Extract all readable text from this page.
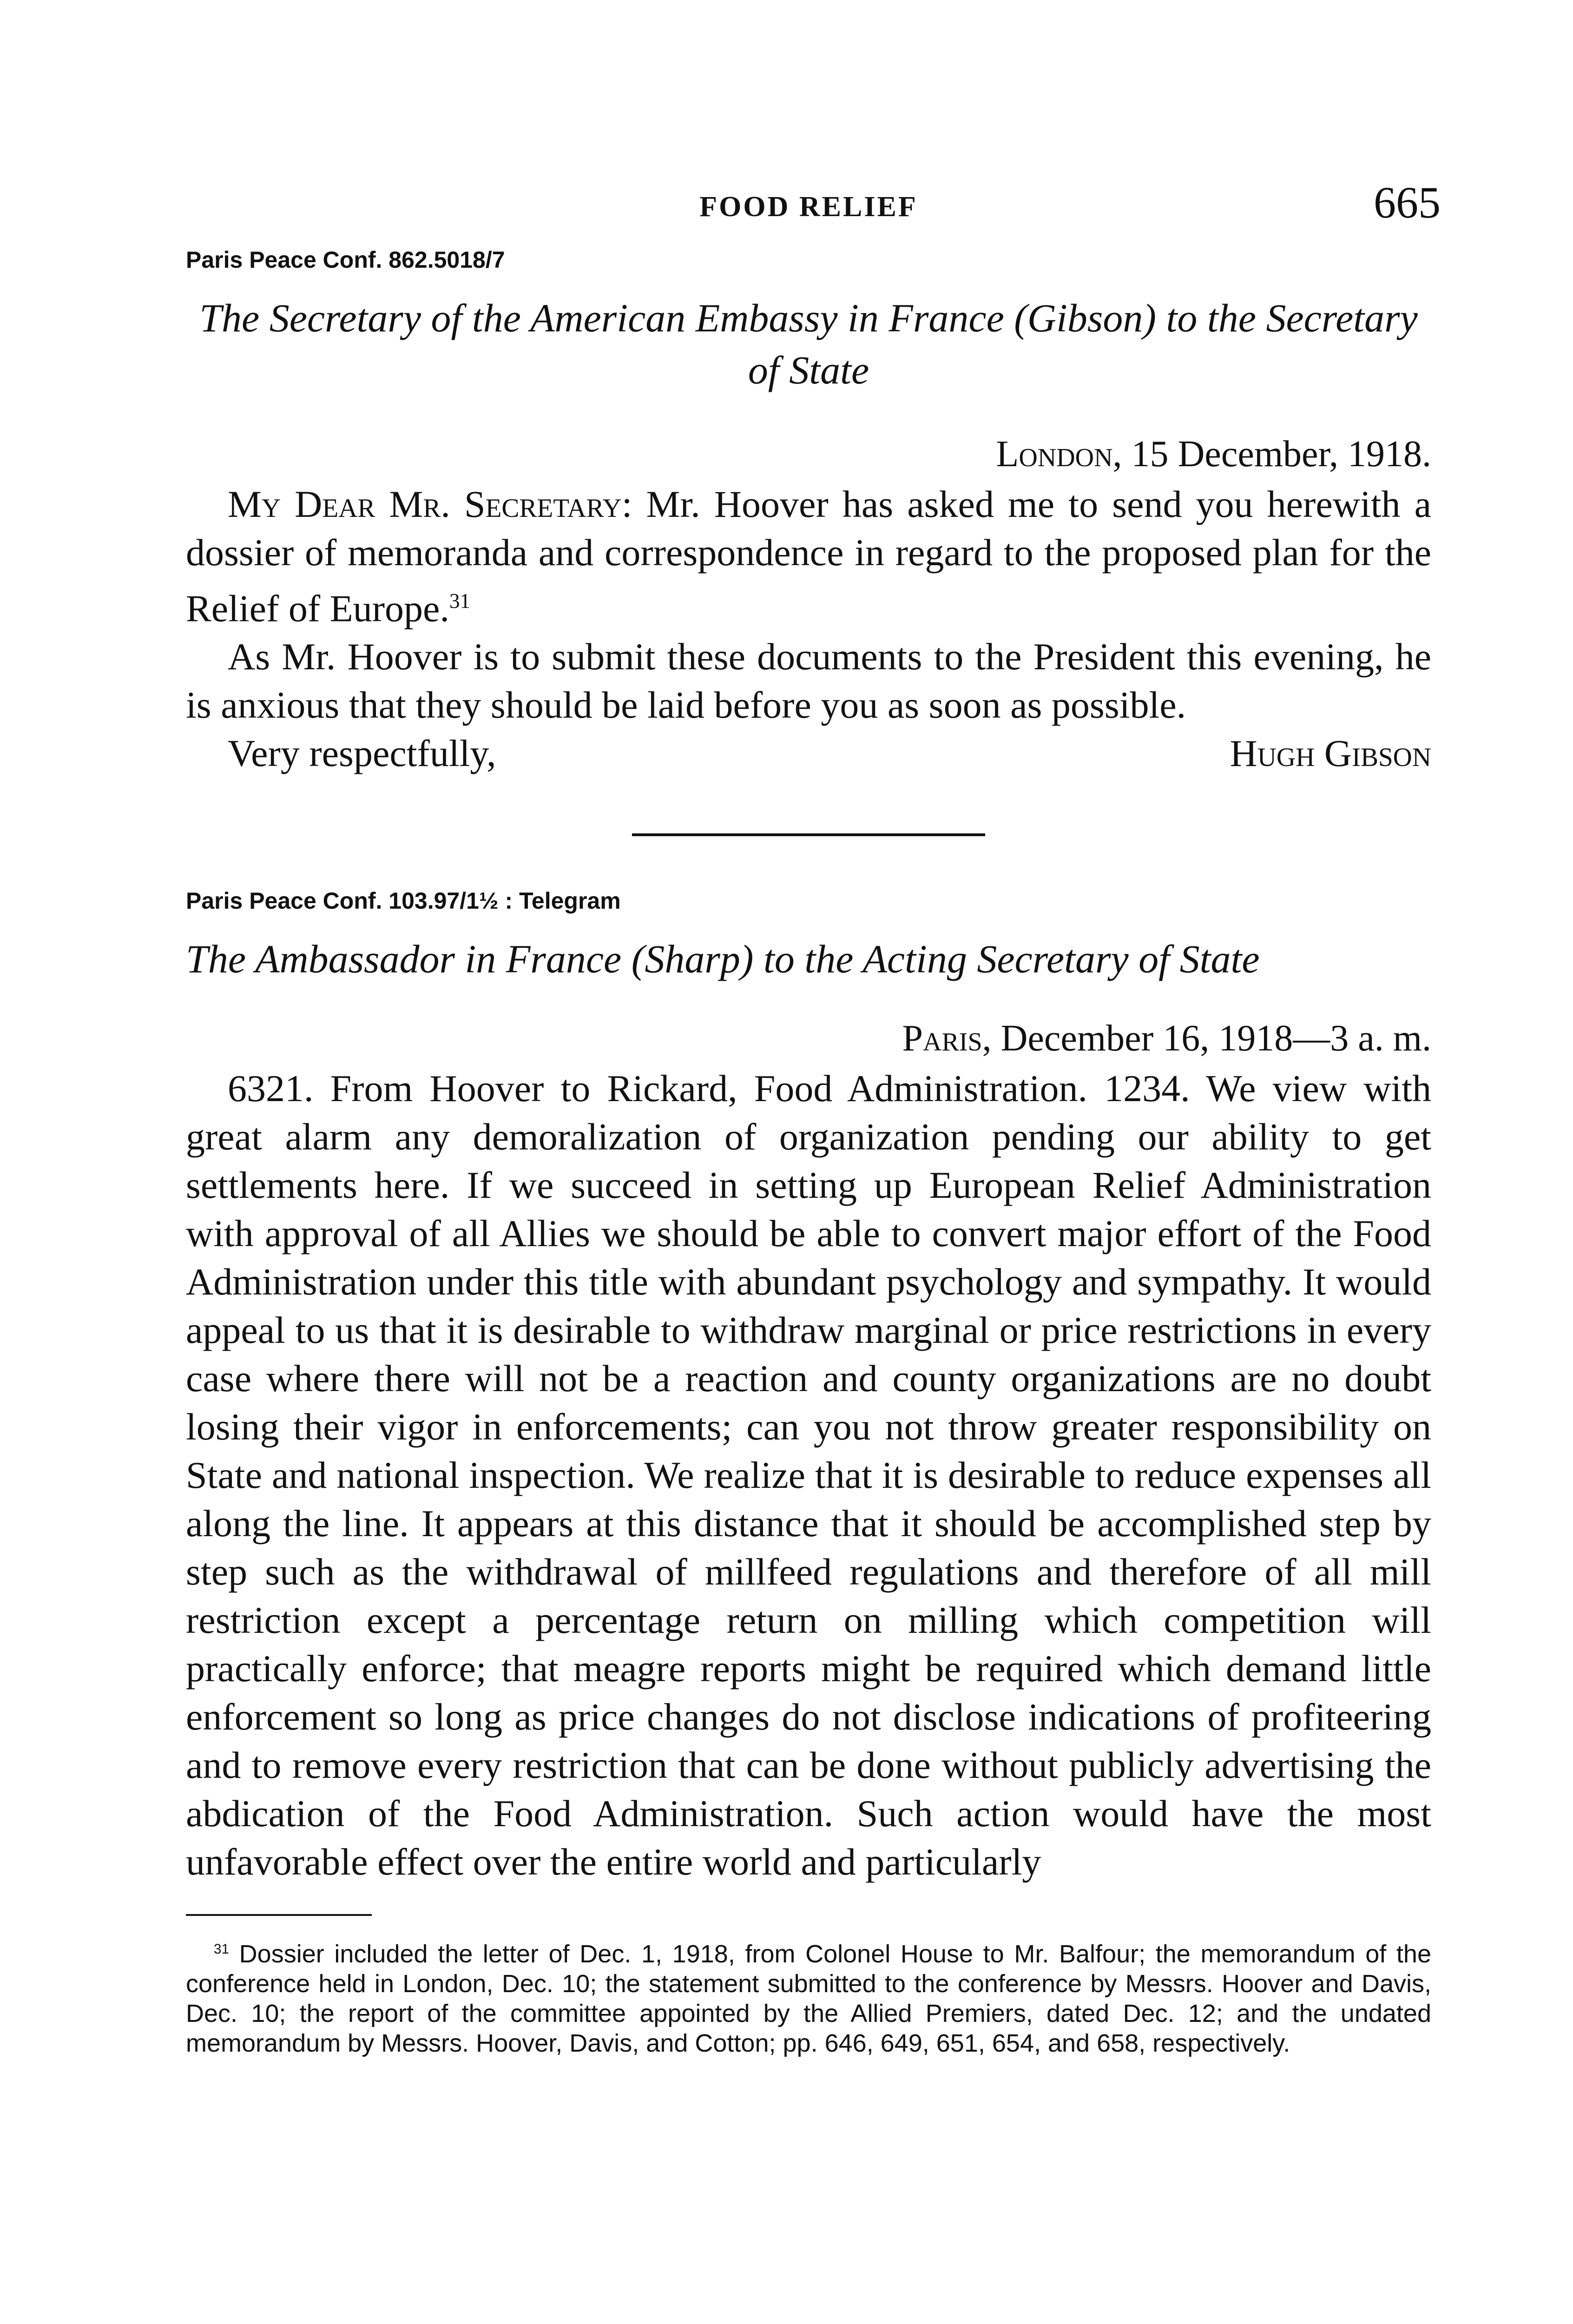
FOOD RELIEF	665
Paris Peace Conf. 862.5018/7
The Secretary of the American Embassy in France (Gibson) to the Secretary of State
London, 15 December, 1918.

My Dear Mr. Secretary: Mr. Hoover has asked me to send you herewith a dossier of memoranda and correspondence in regard to the proposed plan for the Relief of Europe.$^{31}$

As Mr. Hoover is to submit these documents to the President this evening, he is anxious that they should be laid before you as soon as possible.

Very respectfully,	Hugh Gibson
Paris Peace Conf. 103.97/1½ : Telegram
The Ambassador in France (Sharp) to the Acting Secretary of State
Paris, December 16, 1918—3 a. m.

6321. From Hoover to Rickard, Food Administration. 1234. We view with great alarm any demoralization of organization pending our ability to get settlements here. If we succeed in setting up European Relief Administration with approval of all Allies we should be able to convert major effort of the Food Administration under this title with abundant psychology and sympathy. It would appeal to us that it is desirable to withdraw marginal or price restrictions in every case where there will not be a reaction and county organizations are no doubt losing their vigor in enforcements; can you not throw greater responsibility on State and national inspection. We realize that it is desirable to reduce expenses all along the line. It appears at this distance that it should be accomplished step by step such as the withdrawal of millfeed regulations and therefore of all mill restriction except a percentage return on milling which competition will practically enforce; that meagre reports might be required which demand little enforcement so long as price changes do not disclose indications of profiteering and to remove every restriction that can be done without publicly advertising the abdication of the Food Administration. Such action would have the most unfavorable effect over the entire world and particularly

$^{31}$ Dossier included the letter of Dec. 1, 1918, from Colonel House to Mr. Balfour; the memorandum of the conference held in London, Dec. 10; the statement submitted to the conference by Messrs. Hoover and Davis, Dec. 10; the report of the committee appointed by the Allied Premiers, dated Dec. 12; and the undated memorandum by Messrs. Hoover, Davis, and Cotton; pp. 646, 649, 651, 654, and 658, respectively.
